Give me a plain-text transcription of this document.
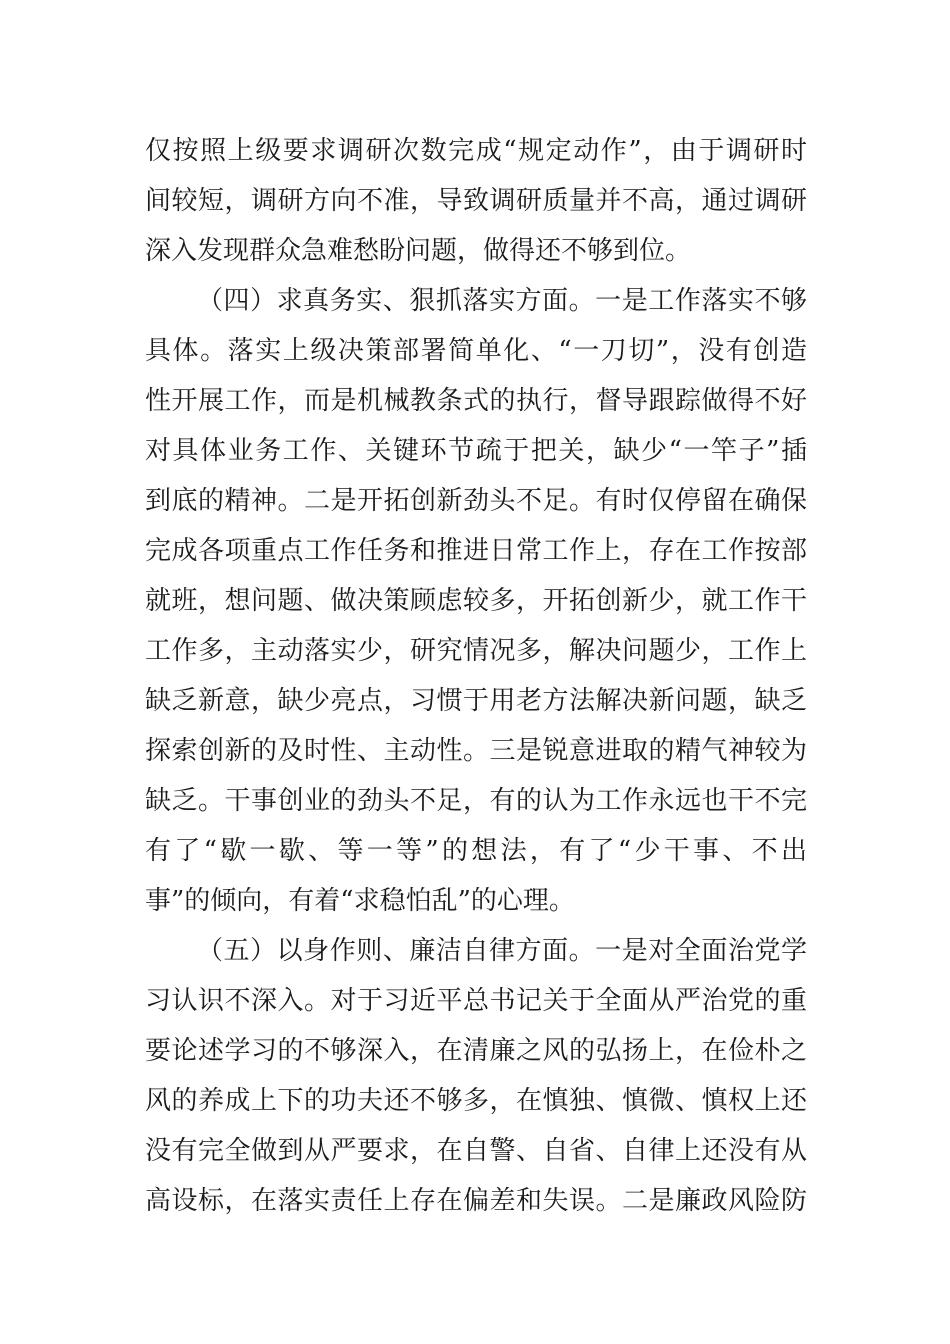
仅按照上级要求调研次数完成“规定动作”，由于调研时
间较短，调研方向不准，导致调研质量并不高，通过调研
深入发现群众急难愁盼问题，做得还不够到位。
（四）求真务实、狠抓落实方面。一是工作落实不够
具体。落实上级决策部署简单化、“一刀切”，没有创造
性开展工作，而是机械教条式的执行，督导跟踪做得不好
对具体业务工作、关键环节疏于把关，缺少“一竿子”插
到底的精神。二是开拓创新劲头不足。有时仅停留在确保
完成各项重点工作任务和推进日常工作上，存在工作按部
就班，想问题、做决策顾虑较多，开拓创新少，就工作干
工作多，主动落实少，研究情况多，解决问题少，工作上
缺乏新意，缺少亮点，习惯于用老方法解决新问题，缺乏
探索创新的及时性、主动性。三是锐意进取的精气神较为
缺乏。干事创业的劲头不足，有的认为工作永远也干不完
有了“歇一歇、等一等”的想法，有了“少干事、不出
事”的倾向，有着“求稳怕乱”的心理。
（五）以身作则、廉洁自律方面。一是对全面治党学
习认识不深入。对于习近平总书记关于全面从严治党的重
要论述学习的不够深入，在清廉之风的弘扬上，在俭朴之
风的养成上下的功夫还不够多，在慎独、慎微、慎权上还
没有完全做到从严要求，在自警、自省、自律上还没有从
高设标，在落实责任上存在偏差和失误。二是廉政风险防
